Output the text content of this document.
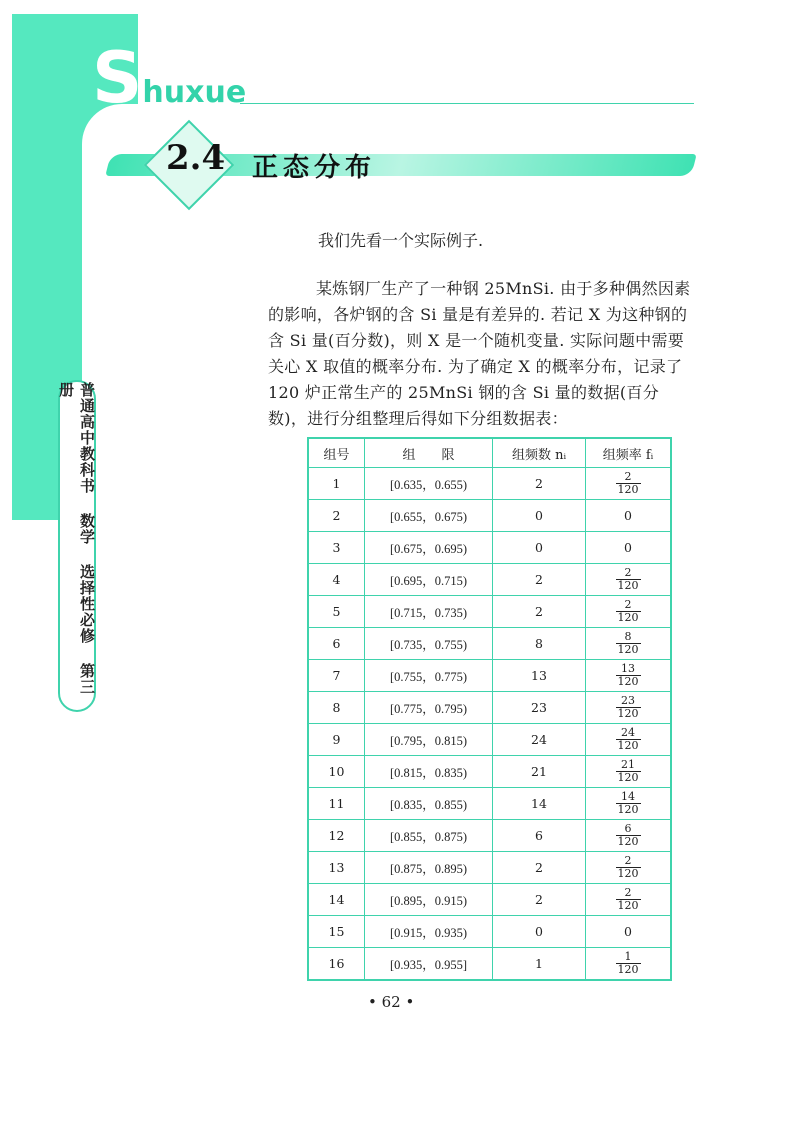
Shuxue
2.4 正态分布
普通高中教科书 数学 选择性必修 第三册
我们先看一个实际例子.
某炼钢厂生产了一种钢 25MnSi. 由于多种偶然因素的影响，各炉钢的含 Si 量是有差异的. 若记 X 为这种钢的含 Si 量(百分数)，则 X 是一个随机变量. 实际问题中需要关心 X 取值的概率分布. 为了确定 X 的概率分布，记录了 120 炉正常生产的 25MnSi 钢的含 Si 量的数据(百分数)，进行分组整理后得如下分组数据表：
组号	组　　限	组频数 nᵢ	组频率 fᵢ
1	[0.635，0.655)	2	$\frac{2}{120}$

2	[0.655，0.675)	0	0
3	[0.675，0.695)	0	0
4	[0.695，0.715)	2	$\frac{2}{120}$

5	[0.715，0.735)	2	$\frac{2}{120}$

6	[0.735，0.755)	8	$\frac{8}{120}$

7	[0.755，0.775)	13	$\frac{13}{120}$

8	[0.775，0.795)	23	$\frac{23}{120}$

9	[0.795，0.815)	24	$\frac{24}{120}$

10	[0.815，0.835)	21	$\frac{21}{120}$

11	[0.835，0.855)	14	$\frac{14}{120}$

12	[0.855，0.875)	6	$\frac{6}{120}$

13	[0.875，0.895)	2	$\frac{2}{120}$

14	[0.895，0.915)	2	$\frac{2}{120}$

15	[0.915，0.935)	0	0
16	[0.935，0.955]	1	$\frac{1}{120}$
• 62 •
